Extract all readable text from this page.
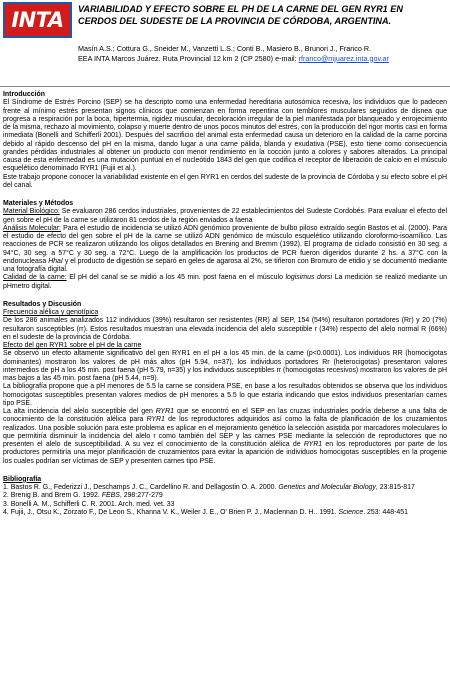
INTA VARIABILIDAD Y EFECTO SOBRE EL PH DE LA CARNE DEL GEN RYR1 EN CERDOS DEL SUDESTE DE LA PROVINCIA DE CÓRDOBA, ARGENTINA.
Masín A.S.; Cottura G., Sneider M., Vanzetti L.S.; Conti B., Masiero B., Brunori J., Franco R.
EEA INTA Marcos Juárez. Ruta Provincial 12 km 2 (CP 2580) e-mail: rfranco@mjuarez.inta.gov.ar

Introducción

El Síndrome de Estrés Porcino (SEP) se ha descripto como una enfermedad hereditaria autosómica recesiva, los individuos que lo padecen frente al mínimo estrés presentan signos clínicos que comienzan en forma repentina con temblores musculares seguidos de disnea que progresa a respiración por la boca, hipertermia, rigidez muscular, decoloración irregular de la piel manifestada por blanqueado y enrojecimiento de la misma, rechazo al movimiento, colapso y muerte dentro de unos pocos minutos del estrés, con la producción del rigor mortis casi en forma inmediata (Bonelli and Schifferli 2001). Después del sacrificio del animal esta enfermedad causa un deterioro en la calidad de la carne porcina debido al rápido descenso del pH en la misma, dando lugar a una carne pálida, blanda y exudativa (PSE), esto tiene como consecuencia grandes pérdidas industriales al obtener un producto con menor rendimiento en la cocción junto a colores y sabores alterados. La principal causa de esta enfermedad es una mutación puntual en el nucleótido 1843 del gen que codifica el receptor de liberación de calcio en el músculo esquelético denominado RYR1 (Fujii et al.).

Este trabajo propone conocer la variabilidad existente en el gen RYR1 en cerdos del sudeste de la provincia de Córdoba y su efecto sobre el pH del canal.

Materiales y Métodos

Material Biológico: Se evaluaron 286 cerdos industriales, provenientes de 22 establecimientos del Sudeste Cordobés. Para evaluar el efecto del gen sobre el pH de la carne se utilizaron 81 cerdos de la región enviados a faena

Análisis Molecular: Para el estudio de incidencia se utilizó ADN genómico proveniente de bulbo piloso extraído según Bastos et al. (2000). Para el estudio de efecto del gen sobre el pH de la carne se utilizó ADN genómico de músculo esquelético utilizando cloroformo-isoamílico. Las reacciones de PCR se realizaron utilizando los oligos detallados en Brening and Bremm (1992). El programa de ciclado consistió en 30 seg. a 94°C, 30 seg. a 57°C y 30 seg. a 72°C. Luego de la amplificación los productos de PCR fueron digeridos durante 2 hs. a 37°C con la endonucleasa HhaI y el producto de digestión se separó en geles de agarosa al 2%, se tiñeron con Bromuro de etidio y se documentó mediante una fotografía digital.

Calidad de la carne: El pH del canal se se midió a los 45 min. post faena en el músculo logisimus dorsi La medición se realizó mediante un pHmetro digital.

Resultados y Discusión

Frecuencia alélica y genotípica

De los 286 animales analizados 112 individuos (39%) resultaron ser resistentes (RR) al SEP, 154 (54%) resultaron portadores (Rr) y 20 (7%) resultaron susceptibles (rr). Estos resultados muestran una elevada incidencia del alelo susceptible r (34%) respecto del alelo normal R (66%) en el sudeste de la provincia de Córdoba.

Efecto del gen RYR1 sobre el pH de la carne

Se observó un efecto altamente significativo del gen RYR1 en el pH a los 45 min. de la carne (p<0.0001). Los individuos RR (homocigotas dominantes) mostraron los valores de pH más altos (pH 5.94, n=37), los individuos portadores Rr (heterocigotas) presentaron valores intermedios de pH a los 45 min. post faena (pH 5.79, n=35) y los individuos susceptibles rr (homocigotas recesivos) mostraron los valores de pH mas bajos a las 45 min. post faena (pH 5.44, n=9).

La bibliografía propone que a pH menores de 5.5 la carne se considera PSE, en base a los resultados obtenidos se observa que los individuos homocigotas susceptibles presentan valores medios de pH menores a 5.5 lo que estaría indicando que estos individuos presentarían carnes tipo PSE.

La alta incidencia del alelo susceptible del gen RYR1 que se encontró en el SEP en las cruzas industriales podría deberse a una falta de conocimiento de la constitución alélica para RYR1 de los reproductores adquiridos así como la falta de planificación de los cruzamientos realizados. Una posible solución para este problema es aplicar en el mejoramiento genético la selección asistida por marcadores moleculares lo que permitiría disminuir la incidencia del alelo r como también del SEP y las carnes PSE mediante la selección de reproductores que no presenten el alelo de susceptibilidad. A su vez el conocimiento de la constitución alélica de RYR1 en los reproductores por parte de los productores permitiría una mejor planificación de cruzamientos para evitar la aparición de individuos homocigotas susceptibles en la progenie los cuales podrían ser víctimas de SEP y presenten carnes tipo PSE.

Bibliografía

1. Bastos R. G., Federizzi J., Deschamps J. C., Cardellino R. and Dellagostin O. A. 2000. Genetics and Molecular Biology, 23:815-817

2. Brenig B. and Brem G. 1992. FEBS, 298:277-279

3. Bonelli A. M., Schifferli C. R. 2001. Arch. med. vet. 33

4. Fujii, J., Otsu K., Zorzato F., De Leon S., Khanna V. K., Weiler J. E., O' Brien P. J., Maclennan D. H.. 1991. Science. 253: 448-451
